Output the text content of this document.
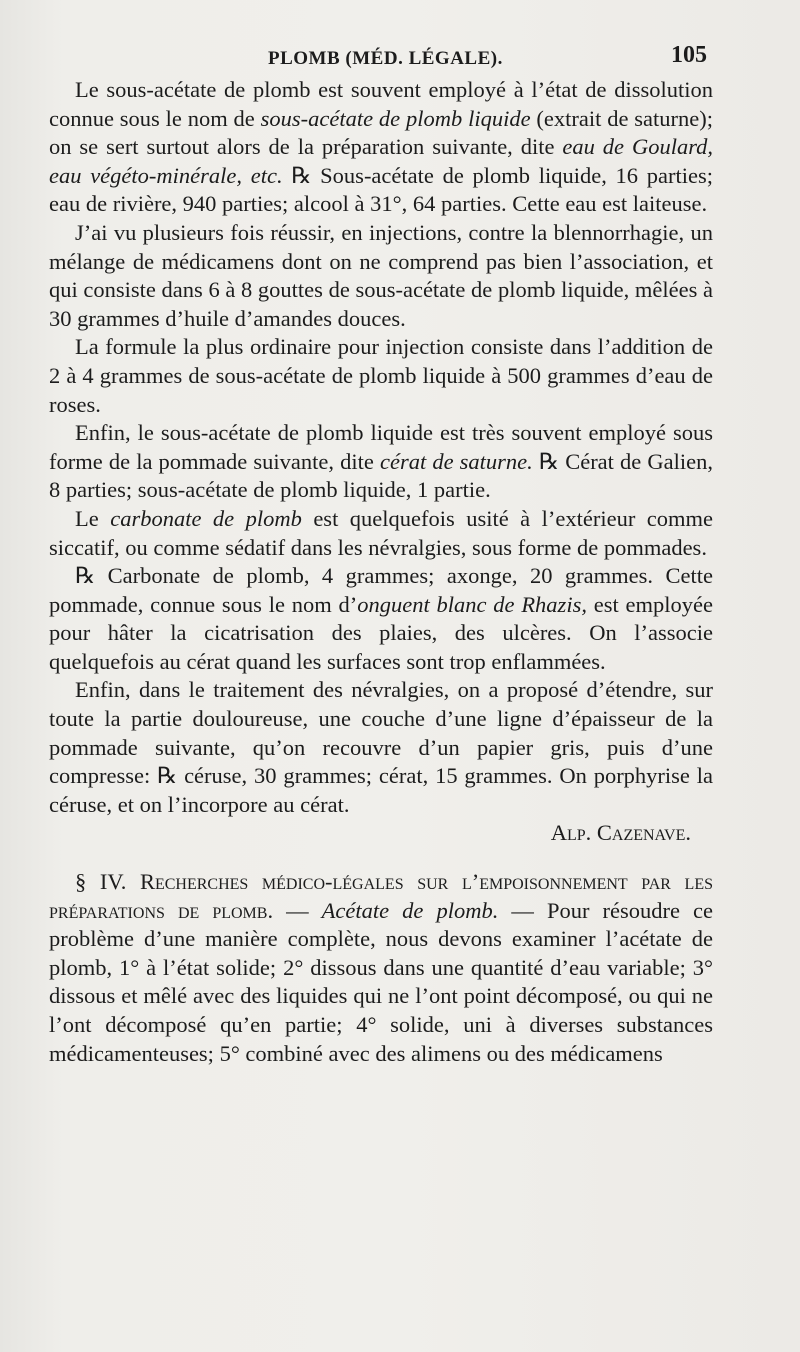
PLOMB (MÉD. LÉGALE).	105

Le sous-acétate de plomb est souvent employé à l’état de dissolution connue sous le nom de sous-acétate de plomb liquide (extrait de saturne); on se sert surtout alors de la préparation suivante, dite eau de Goulard, eau végéto-minérale, etc. ℞ Sous-acétate de plomb liquide, 16 parties; eau de rivière, 940 parties; alcool à 31°, 64 parties. Cette eau est laiteuse.

J’ai vu plusieurs fois réussir, en injections, contre la blennorrhagie, un mélange de médicamens dont on ne comprend pas bien l’association, et qui consiste dans 6 à 8 gouttes de sous-acétate de plomb liquide, mêlées à 30 grammes d’huile d’amandes douces.

La formule la plus ordinaire pour injection consiste dans l’addition de 2 à 4 grammes de sous-acétate de plomb liquide à 500 grammes d’eau de roses.

Enfin, le sous-acétate de plomb liquide est très souvent employé sous forme de la pommade suivante, dite cérat de saturne. ℞ Cérat de Galien, 8 parties; sous-acétate de plomb liquide, 1 partie.

Le carbonate de plomb est quelquefois usité à l’extérieur comme siccatif, ou comme sédatif dans les névralgies, sous forme de pommades.

℞ Carbonate de plomb, 4 grammes; axonge, 20 grammes. Cette pommade, connue sous le nom d’onguent blanc de Rhazis, est employée pour hâter la cicatrisation des plaies, des ulcères. On l’associe quelquefois au cérat quand les surfaces sont trop enflammées.

Enfin, dans le traitement des névralgies, on a proposé d’étendre, sur toute la partie douloureuse, une couche d’une ligne d’épaisseur de la pommade suivante, qu’on recouvre d’un papier gris, puis d’une compresse: ℞ céruse, 30 grammes; cérat, 15 grammes. On porphyrise la céruse, et on l’incorpore au cérat.

Alp. Cazenave.

§ IV. Recherches médico-légales sur l’empoisonnement par les préparations de plomb. — Acétate de plomb. — Pour résoudre ce problème d’une manière complète, nous devons examiner l’acétate de plomb, 1° à l’état solide; 2° dissous dans une quantité d’eau variable; 3° dissous et mêlé avec des liquides qui ne l’ont point décomposé, ou qui ne l’ont décomposé qu’en partie; 4° solide, uni à diverses substances médicamenteuses; 5° combiné avec des alimens ou des médicamens
